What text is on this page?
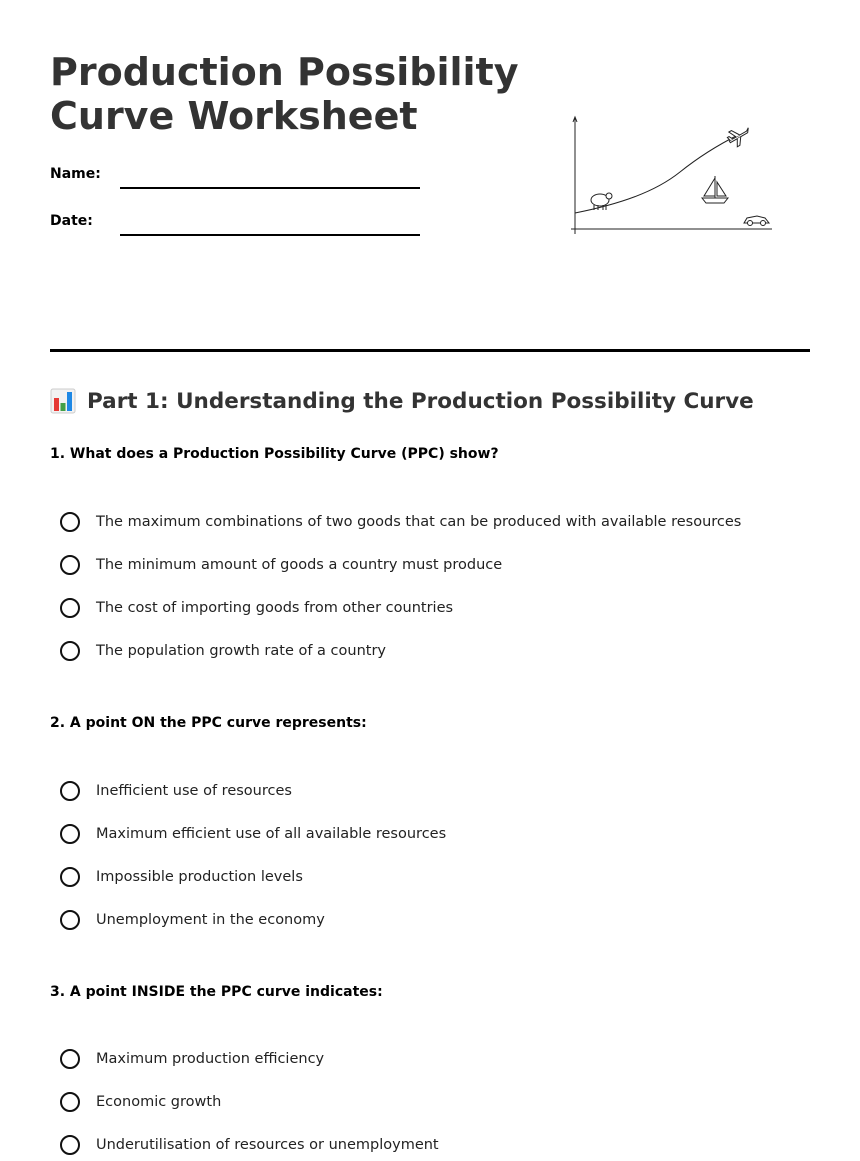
Production Possibility
Curve Worksheet
Name:
Date:
Part 1: Understanding the Production Possibility Curve

1. What does a Production Possibility Curve (PPC) show?

The maximum combinations of two goods that can be produced with available resources
The minimum amount of goods a country must produce
The cost of importing goods from other countries
The population growth rate of a country

2. A point ON the PPC curve represents:

Inefficient use of resources
Maximum efficient use of all available resources
Impossible production levels
Unemployment in the economy

3. A point INSIDE the PPC curve indicates:

Maximum production efficiency
Economic growth
Underutilisation of resources or unemployment
